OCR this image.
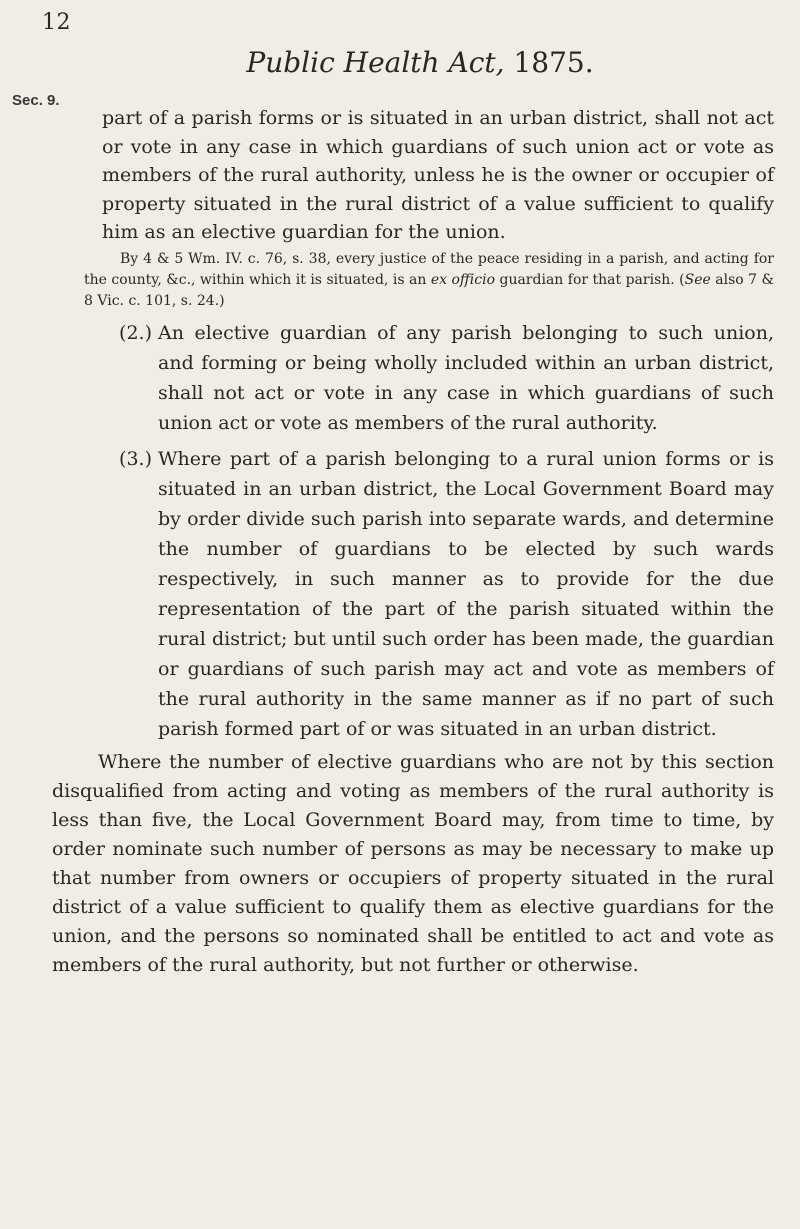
12
Public Health Act, 1875.
Sec. 9.

part of a parish forms or is situated in an urban district, shall not act or vote in any case in which guardians of such union act or vote as members of the rural authority, unless he is the owner or occupier of property situated in the rural district of a value sufficient to qualify him as an elective guardian for the union.

By 4 & 5 Wm. IV. c. 76, s. 38, every justice of the peace residing in a parish, and acting for the county, &c., within which it is situated, is an ex officio guardian for that parish. (See also 7 & 8 Vic. c. 101, s. 24.)

(2.) An elective guardian of any parish belonging to such union, and forming or being wholly included within an urban district, shall not act or vote in any case in which guardians of such union act or vote as members of the rural authority.
(3.) Where part of a parish belonging to a rural union forms or is situated in an urban district, the Local Government Board may by order divide such parish into separate wards, and determine the number of guardians to be elected by such wards respectively, in such manner as to provide for the due representation of the part of the parish situated within the rural district; but until such order has been made, the guardian or guardians of such parish may act and vote as members of the rural authority in the same manner as if no part of such parish formed part of or was situated in an urban district.

Where the number of elective guardians who are not by this section disqualified from acting and voting as members of the rural authority is less than five, the Local Government Board may, from time to time, by order nominate such number of persons as may be necessary to make up that number from owners or occupiers of property situated in the rural district of a value sufficient to qualify them as elective guardians for the union, and the persons so nominated shall be entitled to act and vote as members of the rural authority, but not further or otherwise.
